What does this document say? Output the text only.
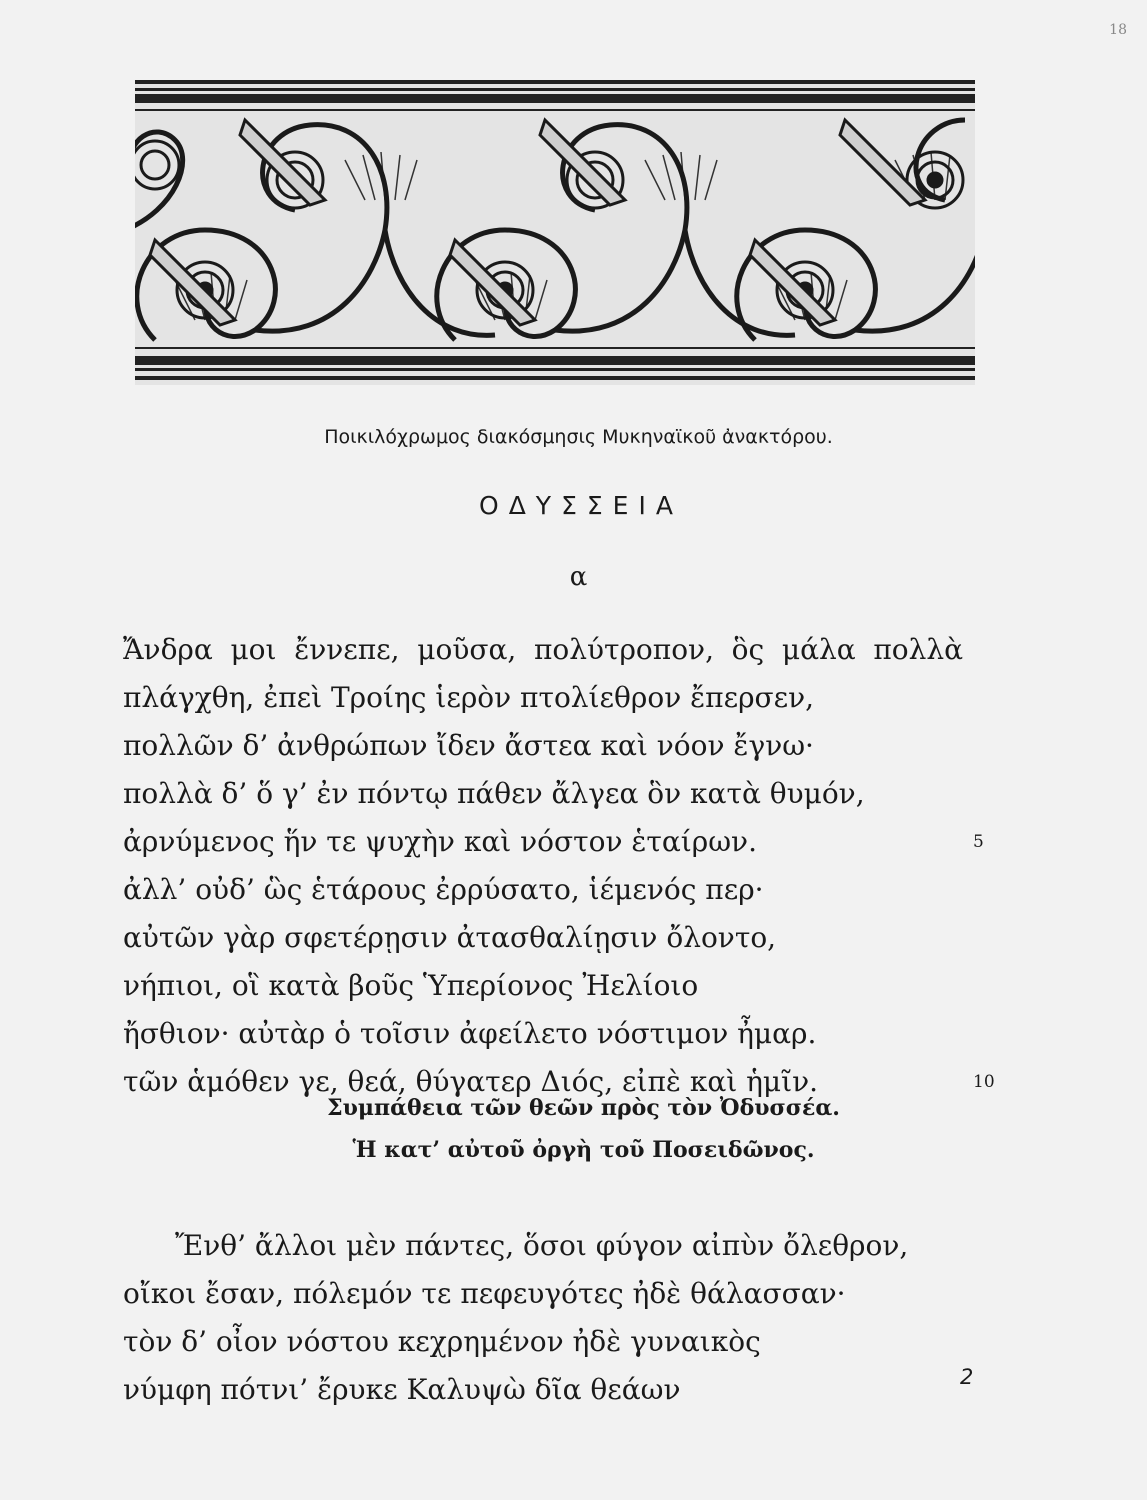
18
Ποικιλόχρωμος διακόσμησις Μυκηναϊκοῦ ἀνακτόρου.
ΟΔΥΣΣΕΙΑ
α
Ἄνδρα μοι ἔννεπε, μοῦσα, πολύτροπον, ὃς μάλα πολλὰ
πλάγχθη, ἐπεὶ Τροίης ἱερὸν πτολίεθρον ἔπερσεν,
πολλῶν δ’ ἀνθρώπων ἴδεν ἄστεα καὶ νόον ἔγνω·
πολλὰ δ’ ὅ γ’ ἐν πόντῳ πάθεν ἄλγεα ὃν κατὰ θυμόν,
ἀρνύμενος ἥν τε ψυχὴν καὶ νόστον ἑταίρων.	5
ἀλλ’ οὐδ’ ὣς ἑτάρους ἐρρύσατο, ἱέμενός περ·
αὐτῶν γὰρ σφετέρῃσιν ἀτασθαλίῃσιν ὄλοντο,
νήπιοι, οἳ κατὰ βοῦς Ὑπερίονος Ἠελίοιο
ἤσθιον· αὐτὰρ ὁ τοῖσιν ἀφείλετο νόστιμον ἦμαρ.
τῶν ἁμόθεν γε, θεά, θύγατερ Διός, εἰπὲ καὶ ἡμῖν.	10
Συμπάθεια τῶν θεῶν πρὸς τὸν Ὀδυσσέα.
Ἡ κατ’ αὐτοῦ ὀργὴ τοῦ Ποσειδῶνος.
Ἔνθ’ ἄλλοι μὲν πάντες, ὅσοι φύγον αἰπὺν ὄλεθρον,
οἴκοι ἔσαν, πόλεμόν τε πεφευγότες ἠδὲ θάλασσαν·
τὸν δ’ οἶον νόστου κεχρημένον ἠδὲ γυναικὸς
νύμφη πότνι’ ἔρυκε Καλυψὼ δῖα θεάων	2
